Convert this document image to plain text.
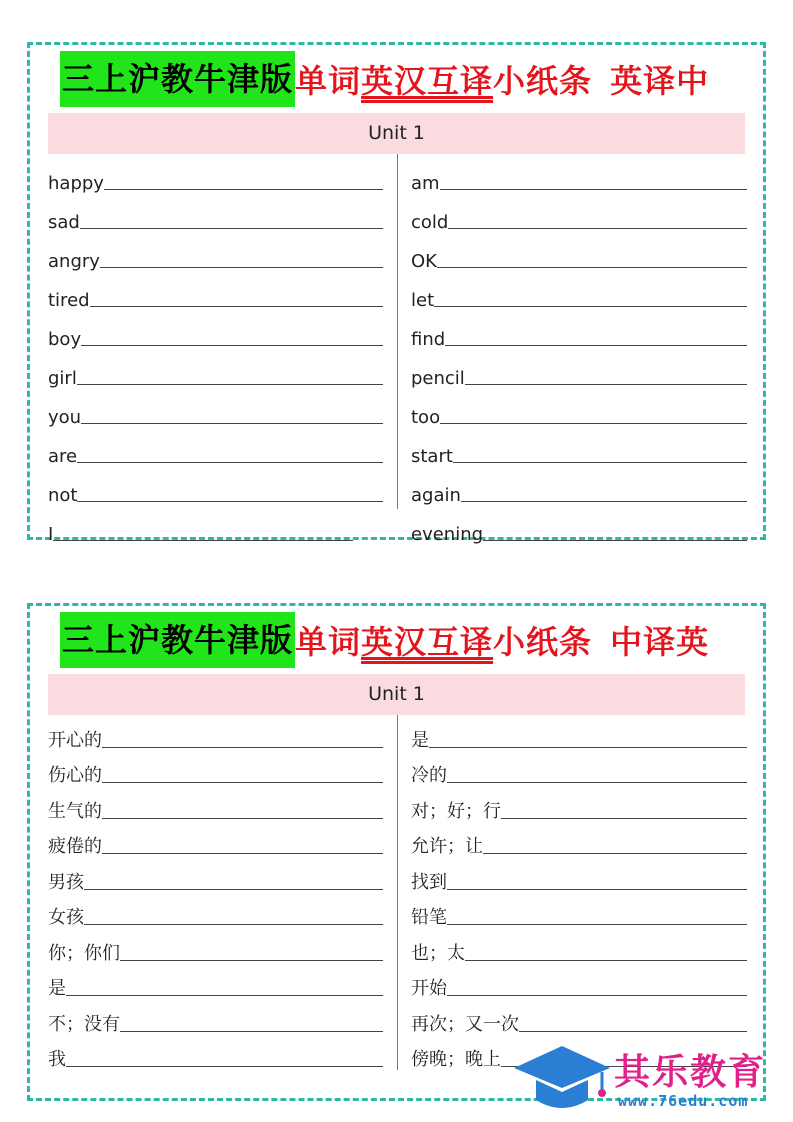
三上沪教牛津版 单词 英汉互译 小纸条 英译中
Unit 1
happy
sad
angry
tired
boy
girl
you
are
not
I
am
cold
OK
let
find
pencil
too
start
again
evening
三上沪教牛津版 单词 英汉互译 小纸条 中译英
Unit 1
开心的
伤心的
生气的
疲倦的
男孩
女孩
你；你们
是
不；没有
我
是
冷的
对；好；行
允许；让
找到
铅笔
也；太
开始
再次；又一次
傍晚；晚上	其乐教育
www.76edu.com
